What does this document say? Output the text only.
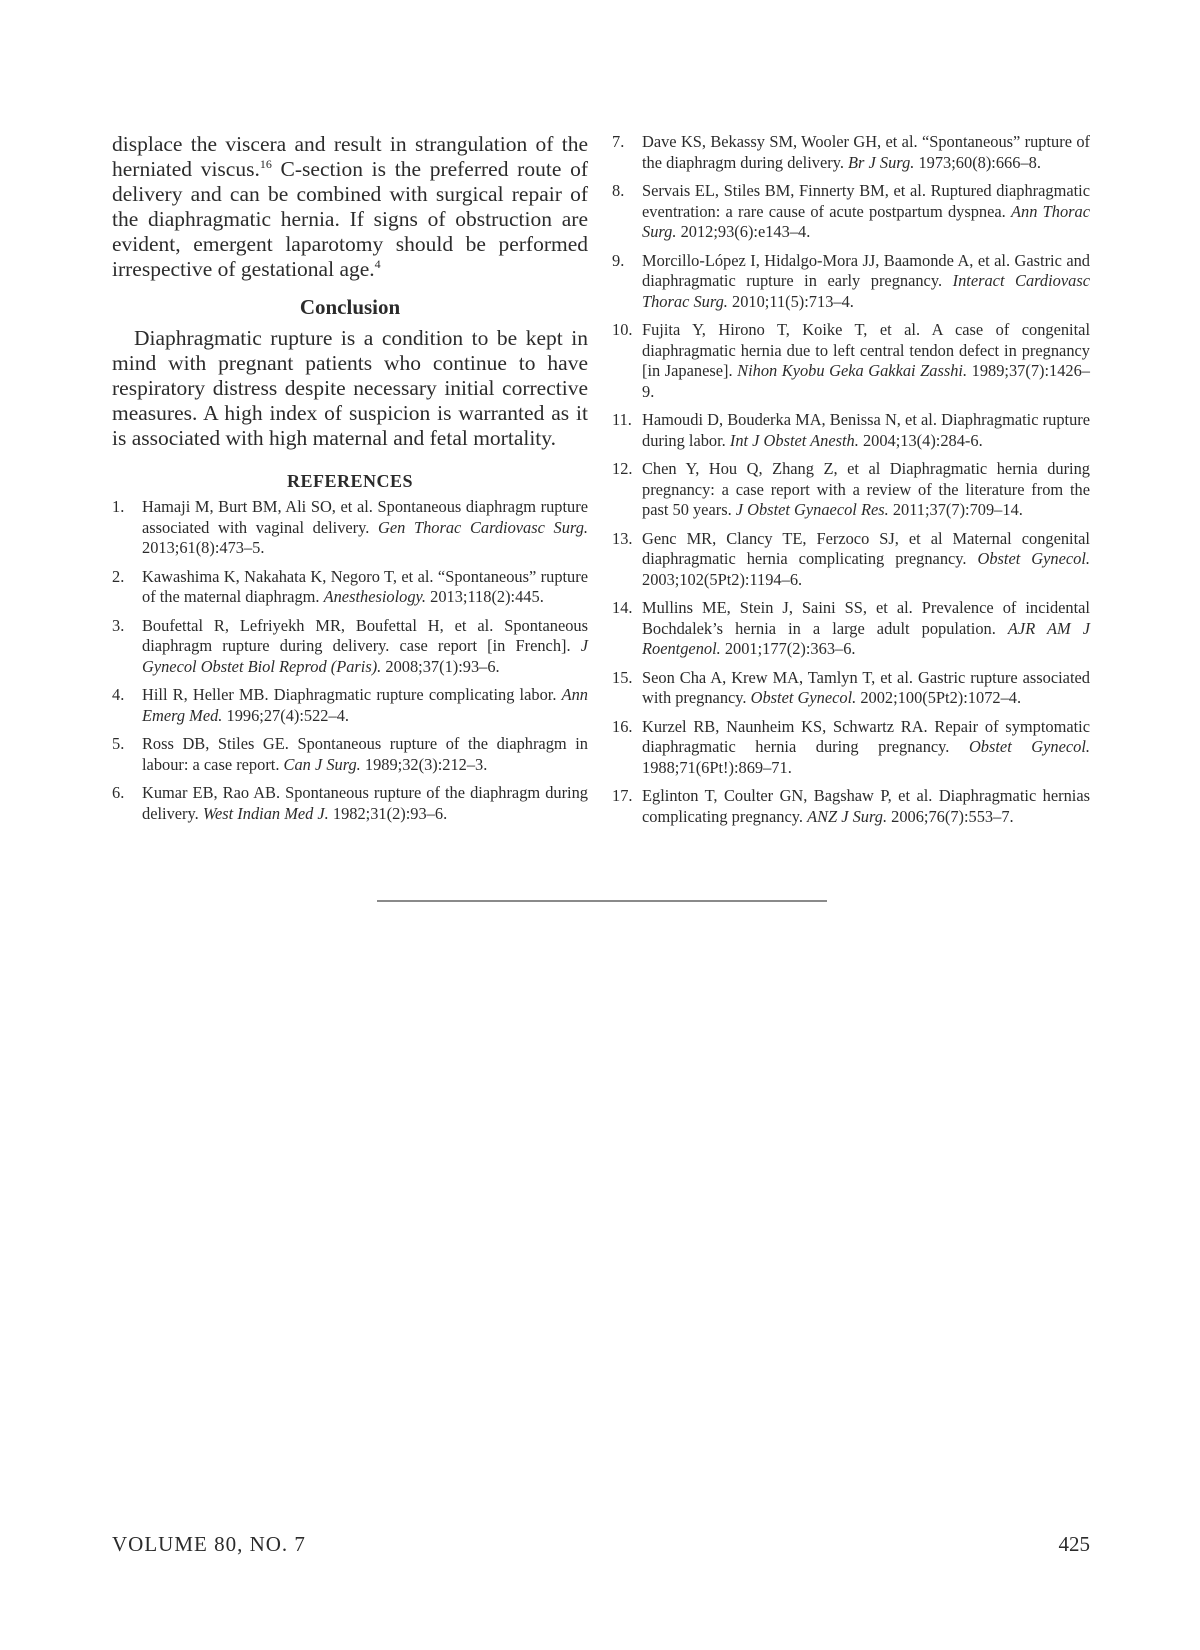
displace the viscera and result in strangulation of the herniated viscus.$^{16}$ C-section is the preferred route of delivery and can be combined with surgical repair of the diaphragmatic hernia. If signs of obstruction are evident, emergent laparotomy should be performed irrespective of gestational age.$^4$

Conclusion

Diaphragmatic rupture is a condition to be kept in mind with pregnant patients who continue to have respiratory distress despite necessary initial corrective measures. A high index of suspicion is warranted as it is associated with high maternal and fetal mortality.

REFERENCES
1.	Hamaji M, Burt BM, Ali SO, et al. Spontaneous diaphragm rupture associated with vaginal delivery. Gen Thorac Cardiovasc Surg. 2013;61(8):473–5.
2.	Kawashima K, Nakahata K, Negoro T, et al. “Spontaneous” rupture of the maternal diaphragm. Anesthesiology. 2013;118(2):445.
3.	Boufettal R, Lefriyekh MR, Boufettal H, et al. Spontaneous diaphragm rupture during delivery. case report [in French]. J Gynecol Obstet Biol Reprod (Paris). 2008;37(1):93–6.
4.	Hill R, Heller MB. Diaphragmatic rupture complicating labor. Ann Emerg Med. 1996;27(4):522–4.
5.	Ross DB, Stiles GE. Spontaneous rupture of the diaphragm in labour: a case report. Can J Surg. 1989;32(3):212–3.
6.	Kumar EB, Rao AB. Spontaneous rupture of the diaphragm during delivery. West Indian Med J. 1982;31(2):93–6.
7.	Dave KS, Bekassy SM, Wooler GH, et al. “Spontaneous” rupture of the diaphragm during delivery. Br J Surg. 1973;60(8):666–8.
8.	Servais EL, Stiles BM, Finnerty BM, et al. Ruptured diaphragmatic eventration: a rare cause of acute postpartum dyspnea. Ann Thorac Surg. 2012;93(6):e143–4.
9.	Morcillo-López I, Hidalgo-Mora JJ, Baamonde A, et al. Gastric and diaphragmatic rupture in early pregnancy. Interact Cardiovasc Thorac Surg. 2010;11(5):713–4.
10. Fujita Y, Hirono T, Koike T, et al. A case of congenital diaphragmatic hernia due to left central tendon defect in pregnancy [in Japanese]. Nihon Kyobu Geka Gakkai Zasshi. 1989;37(7):1426–9.
11. Hamoudi D, Bouderka MA, Benissa N, et al. Diaphragmatic rupture during labor. Int J Obstet Anesth. 2004;13(4):284-6.
12. Chen Y, Hou Q, Zhang Z, et al Diaphragmatic hernia during pregnancy: a case report with a review of the literature from the past 50 years. J Obstet Gynaecol Res. 2011;37(7):709–14.
13. Genc MR, Clancy TE, Ferzoco SJ, et al Maternal congenital diaphragmatic hernia complicating pregnancy. Obstet Gynecol. 2003;102(5Pt2):1194–6.
14. Mullins ME, Stein J, Saini SS, et al. Prevalence of incidental Bochdalek’s hernia in a large adult population. AJR AM J Roentgenol. 2001;177(2):363–6.
15. Seon Cha A, Krew MA, Tamlyn T, et al. Gastric rupture associated with pregnancy. Obstet Gynecol. 2002;100(5Pt2):1072–4.
16. Kurzel RB, Naunheim KS, Schwartz RA. Repair of symptomatic diaphragmatic hernia during pregnancy. Obstet Gynecol. 1988;71(6Pt!):869–71.
17. Eglinton T, Coulter GN, Bagshaw P, et al. Diaphragmatic hernias complicating pregnancy. ANZ J Surg. 2006;76(7):553–7.
VOLUME 80, NO. 7	425
